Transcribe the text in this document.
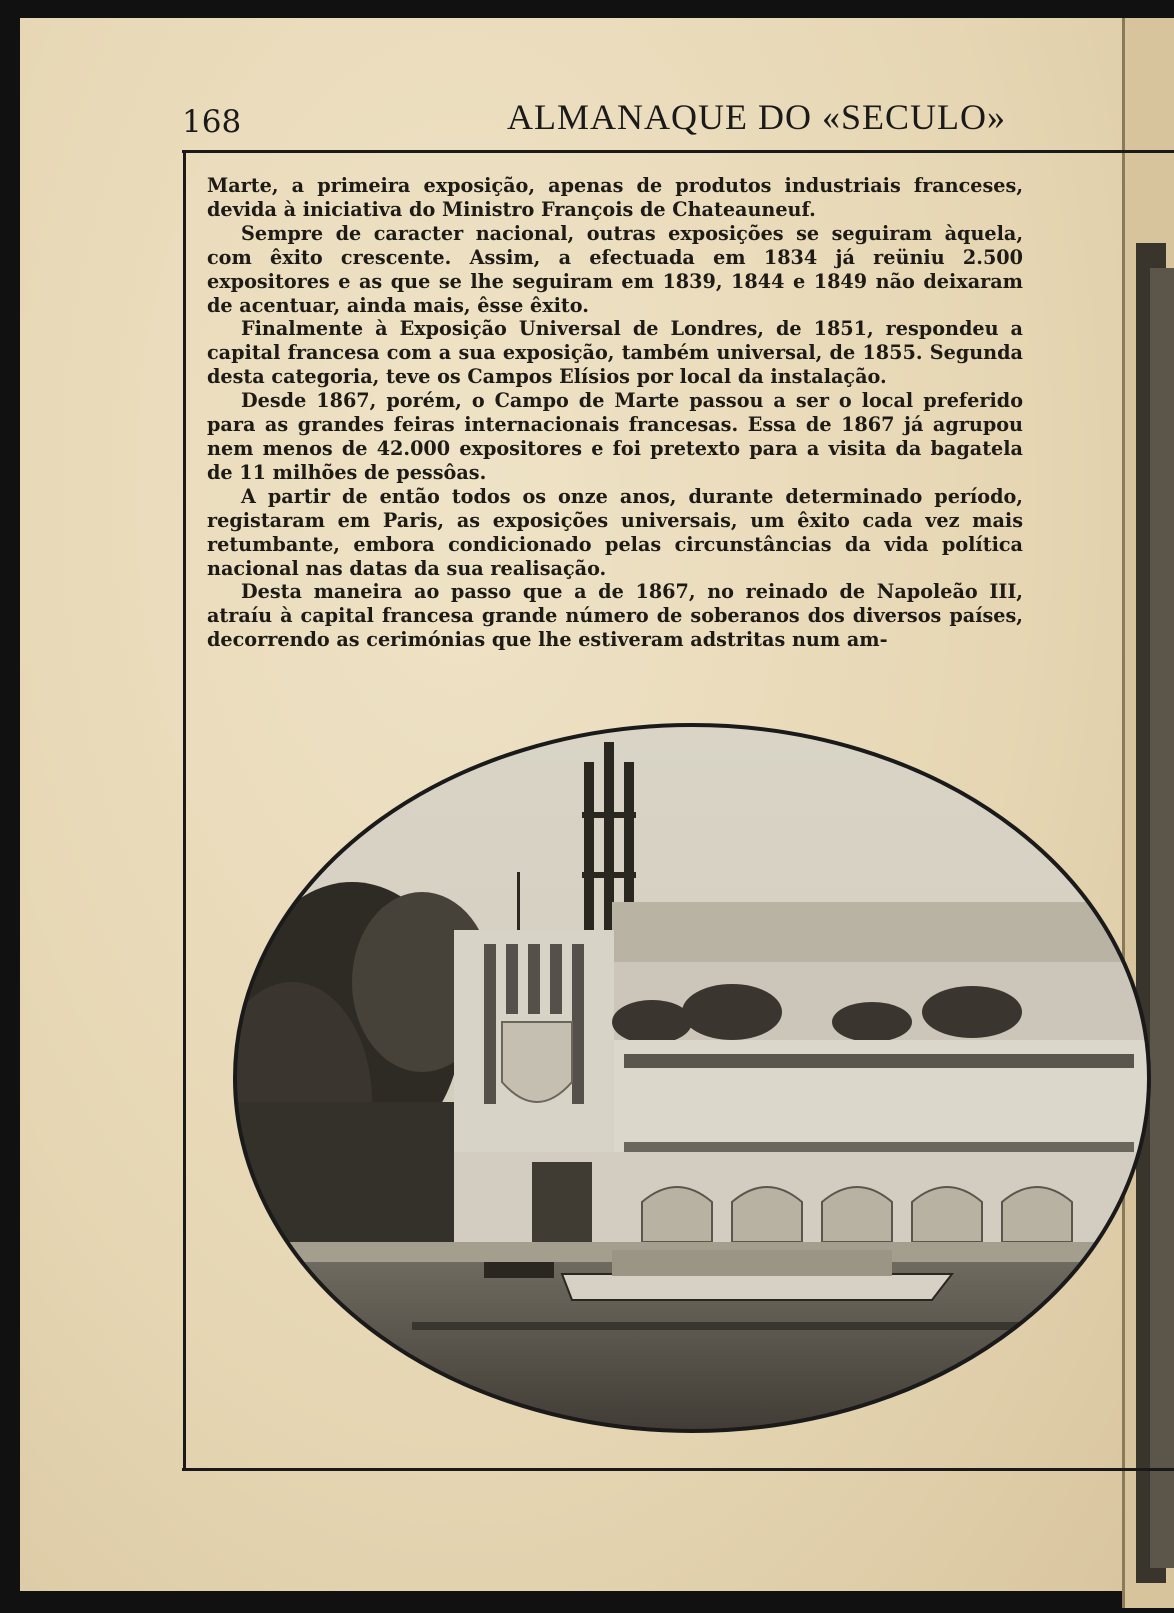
168	ALMANAQUE DO «SECULO»

Marte, a primeira exposição, apenas de produtos industriais franceses, devida à iniciativa do Ministro François de Chateauneuf.

Sempre de caracter nacional, outras exposições se seguiram àquela, com êxito crescente. Assim, a efectuada em 1834 já reüniu 2.500 expositores e as que se lhe seguiram em 1839, 1844 e 1849 não deixaram de acentuar, ainda mais, êsse êxito.

Finalmente à Exposição Universal de Londres, de 1851, respondeu a capital francesa com a sua exposição, também universal, de 1855. Segunda desta categoria, teve os Campos Elísios por local da instalação.

Desde 1867, porém, o Campo de Marte passou a ser o local preferido para as grandes feiras internacionais francesas. Essa de 1867 já agrupou nem menos de 42.000 expositores e foi pretexto para a visita da bagatela de 11 milhões de pessôas.

A partir de então todos os onze anos, durante determinado período, registaram em Paris, as exposições universais, um êxito cada vez mais retumbante, embora condicionado pelas circunstâncias da vida política nacional nas datas da sua realisação.

Desta maneira ao passo que a de 1867, no reinado de Napoleão III, atraíu à capital francesa grande número de soberanos dos diversos países, decorrendo as cerimónias que lhe estiveram adstritas num am-
